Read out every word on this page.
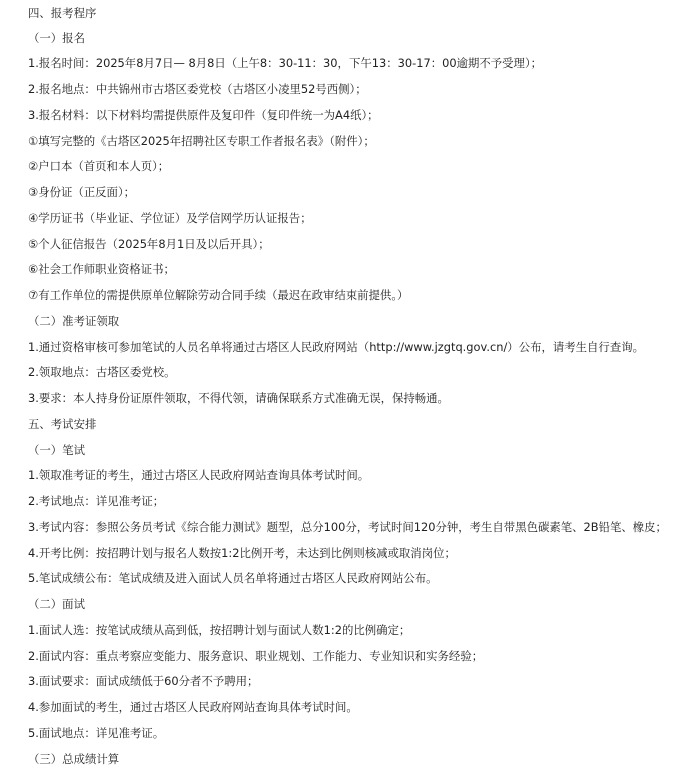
四、报考程序
（一）报名
1.报名时间：2025年8月7日— 8月8日（上午8：30-11：30，下午13：30-17：00逾期不予受理）；
2.报名地点：中共锦州市古塔区委党校（古塔区小凌里52号西侧）；
3.报名材料：以下材料均需提供原件及复印件（复印件统一为A4纸）；
①填写完整的《古塔区2025年招聘社区专职工作者报名表》（附件）；
②户口本（首页和本人页）；
③身份证（正反面）；
④学历证书（毕业证、学位证）及学信网学历认证报告；
⑤个人征信报告（2025年8月1日及以后开具）；
⑥社会工作师职业资格证书；
⑦有工作单位的需提供原单位解除劳动合同手续（最迟在政审结束前提供。）
（二）准考证领取
1.通过资格审核可参加笔试的人员名单将通过古塔区人民政府网站（http://www.jzgtq.gov.cn/）公布，请考生自行查询。
2.领取地点：古塔区委党校。
3.要求：本人持身份证原件领取，不得代领，请确保联系方式准确无误，保持畅通。
五、考试安排
（一）笔试
1.领取准考证的考生，通过古塔区人民政府网站查询具体考试时间。
2.考试地点：详见准考证；
3.考试内容：参照公务员考试《综合能力测试》题型，总分100分，考试时间120分钟，考生自带黑色碳素笔、2B铅笔、橡皮；
4.开考比例：按招聘计划与报名人数按1:2比例开考，未达到比例则核减或取消岗位；
5.笔试成绩公布：笔试成绩及进入面试人员名单将通过古塔区人民政府网站公布。
（二）面试
1.面试人选：按笔试成绩从高到低，按招聘计划与面试人数1:2的比例确定；
2.面试内容：重点考察应变能力、服务意识、职业规划、工作能力、专业知识和实务经验；
3.面试要求：面试成绩低于60分者不予聘用；
4.参加面试的考生，通过古塔区人民政府网站查询具体考试时间。
5.面试地点：详见准考证。
（三）总成绩计算
